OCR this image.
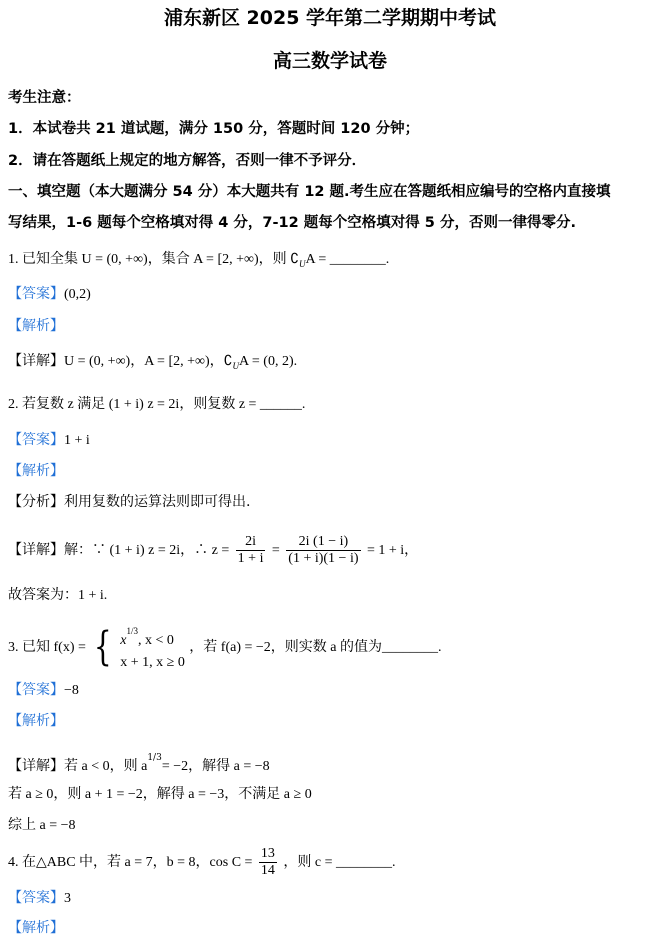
浦东新区 2025 学年第二学期期中考试
高三数学试卷
考生注意：
1．本试卷共 21 道试题，满分 150 分，答题时间 120 分钟；
2．请在答题纸上规定的地方解答，否则一律不予评分．
一、填空题（本大题满分 54 分）本大题共有 12 题.考生应在答题纸相应编号的空格内直接填
写结果，1-6 题每个空格填对得 4 分，7-12 题每个空格填对得 5 分，否则一律得零分.
1. 已知全集 U = (0, +∞)，集合 A = [2, +∞)，则 $∁_UA$ = ________.
【答案】(0,2)
【解析】
【详解】U = (0, +∞)，A = [2, +∞)，$∁_UA = (0$, 2).
2. 若复数 z 满足 (1 + i) z = 2i，则复数 z = ______.
【答案】1 + i
【解析】
【分析】利用复数的运算法则即可得出.
【详解】解：∵ (1 + i) z = 2i，∴ $z = \frac{2i}{1 + i} = \frac{2i (1 - i)}{(1 + i)(1 - i)} = 1 + i$，
故答案为：1 + i.
3. 已知 f(x) = { $x^{1/3}$, x < 0
x + 1, x ≥ 0
，若 f(a) = −2，则实数 a 的值为________.
【答案】−8
【解析】
【详解】若 a < 0，则 $a^{1/3}= -2$，解得 a = −8
若 a ≥ 0，则 a + 1 = −2，解得 a = −3，不满足 a ≥ 0
综上 a = −8
4. 在△ABC 中，若 a = 7，b = 8，$\cos C = \frac{13}{14}$ ，则 c = ________.
【答案】3
【解析】
